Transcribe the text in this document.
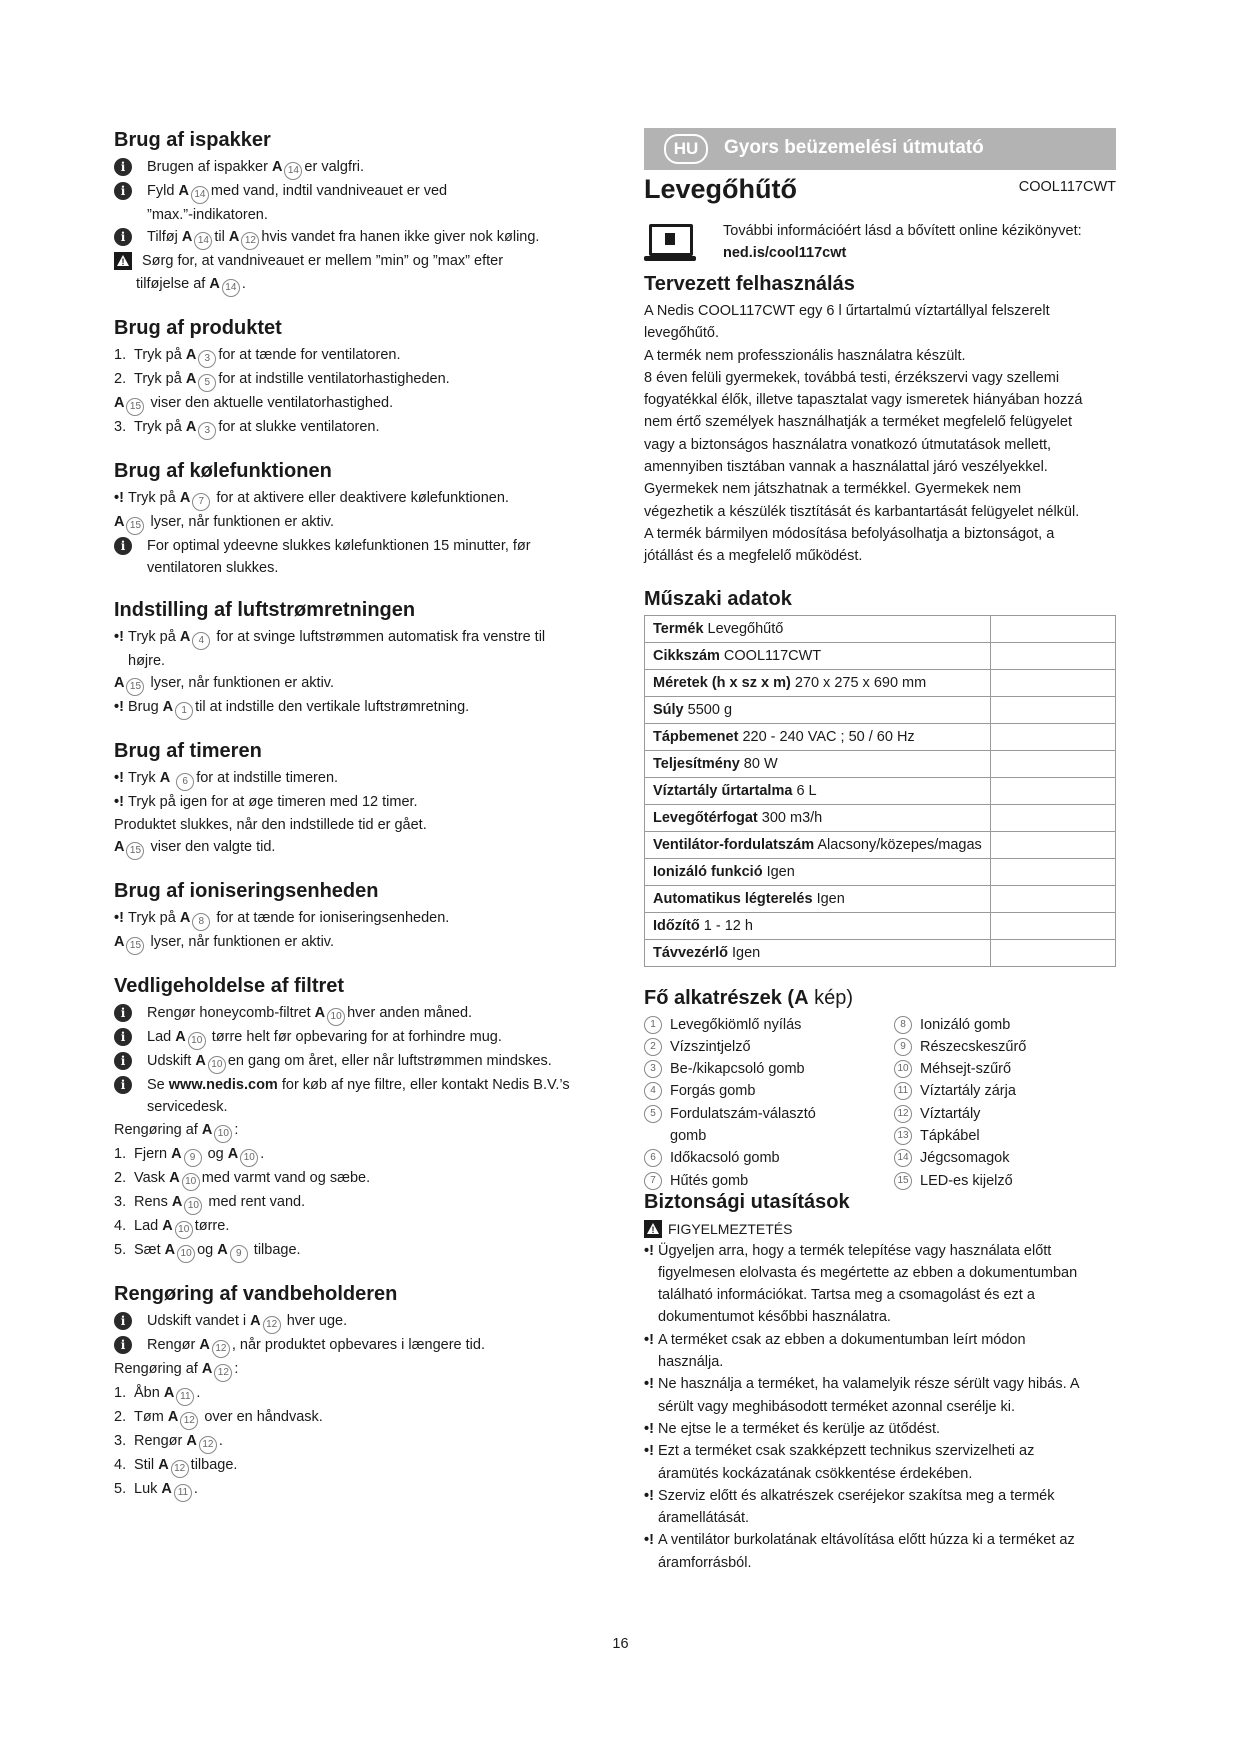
Brug af ispakker
i	Brugen af ispakker A 14 er valgfri.
i	Fyld A 14 med vand, indtil vandniveauet er ved
”max.”-indikatoren.
i	Tilføj A 14 til A 12 hvis vandet fra hanen ikke giver nok køling.
!
Sørg for, at vandniveauet er mellem ”min” og ”max” efter
tilføjelse af A 14 .
Brug af produktet
1. Tryk på A 3 for at tænde for ventilatoren.
2. Tryk på A 5 for at indstille ventilatorhastigheden.
A 15 viser den aktuelle ventilatorhastighed.
3. Tryk på A 3 for at slukke ventilatoren.
Brug af kølefunktionen
•! Tryk på A 7 for at aktivere eller deaktivere kølefunktionen.
A 15 lyser, når funktionen er aktiv.
i	For optimal ydeevne slukkes kølefunktionen 15 minutter, før
ventilatoren slukkes.
Indstilling af luftstrømretningen
•! Tryk på A 4 for at svinge luftstrømmen automatisk fra venstre til
højre.
A 15 lyser, når funktionen er aktiv.
•! Brug A 1 til at indstille den vertikale luftstrømretning.
Brug af timeren
•! Tryk A 6 for at indstille timeren.
•! Tryk på igen for at øge timeren med 12 timer.
Produktet slukkes, når den indstillede tid er gået.
A 15 viser den valgte tid.
Brug af ioniseringsenheden
•! Tryk på A 8 for at tænde for ioniseringsenheden.
A 15 lyser, når funktionen er aktiv.
Vedligeholdelse af filtret
i	Rengør honeycomb-filtret A 10 hver anden måned.
i	Lad A 10 tørre helt før opbevaring for at forhindre mug.
i	Udskift A 10 en gang om året, eller når luftstrømmen mindskes.
i	Se www.nedis.com for køb af nye filtre, eller kontakt Nedis B.V.’s
servicedesk.
Rengøring af A 10 :
1. Fjern A 9 og A 10 .
2. Vask A 10 med varmt vand og sæbe.
3. Rens A 10 med rent vand.
4. Lad A 10 tørre.
5. Sæt A 10 og A 9 tilbage.
Rengøring af vandbeholderen
i	Udskift vandet i A 12 hver uge.
i	Rengør A 12 , når produktet opbevares i længere tid.
Rengøring af A 12 :
1. Åbn A 11 .
2. Tøm A 12 over en håndvask.
3. Rengør A 12 .
4. Stil A 12 tilbage.
5. Luk A 11 .
HU	Gyors beüzemelési útmutató
Levegőhűtő	COOL117CWT
További információért lásd a bővített online kézikönyvet:
ned.is/cool117cwt
Tervezett felhasználás
A Nedis COOL117CWT egy 6 l űrtartalmú víztartállyal felszerelt
levegőhűtő.
A termék nem professzionális használatra készült.
8 éven felüli gyermekek, továbbá testi, érzékszervi vagy szellemi
fogyatékkal élők, illetve tapasztalat vagy ismeretek hiányában hozzá
nem értő személyek használhatják a terméket megfelelő felügyelet
vagy a biztonságos használatra vonatkozó útmutatások mellett,
amennyiben tisztában vannak a használattal járó veszélyekkel.
Gyermekek nem játszhatnak a termékkel. Gyermekek nem
végezhetik a készülék tisztítását és karbantartását felügyelet nélkül.
A termék bármilyen módosítása befolyásolhatja a biztonságot, a
jótállást és a megfelelő működést.
Műszaki adatok
Termék Levegőhűtő	
Cikkszám COOL117CWT	
Méretek (h x sz x m) 270 x 275 x 690 mm	
Súly 5500 g	
Tápbemenet 220 - 240 VAC ; 50 / 60 Hz	
Teljesítmény 80 W	
Víztartály űrtartalma 6 L	
Levegőtérfogat 300 m3/h	
Ventilátor-fordulatszám Alacsony/közepes/magas	
Ionizáló funkció Igen	
Automatikus légterelés Igen	
Időzítő 1 - 12 h	
Távvezérlő Igen	
Fő alkatrészek (A kép)
1 Levegőkiömlő nyílás
2 Vízszintjelző
3 Be-/kikapcsoló gomb
4 Forgás gomb
5 Fordulatszám-választó
gomb
6 Időkacsoló gomb
7 Hűtés gomb
8 Ionizáló gomb
9 Részecskeszűrő
10 Méhsejt-szűrő
11 Víztartály zárja
12 Víztartály
13 Tápkábel
14 Jégcsomagok
15 LED-es kijelző
Biztonsági utasítások
!
FIGYELMEZTETÉS
•! Ügyeljen arra, hogy a termék telepítése vagy használata előtt
figyelmesen elolvasta és megértette az ebben a dokumentumban
található információkat. Tartsa meg a csomagolást és ezt a
dokumentumot későbbi használatra.
•! A terméket csak az ebben a dokumentumban leírt módon
használja.
•! Ne használja a terméket, ha valamelyik része sérült vagy hibás. A
sérült vagy meghibásodott terméket azonnal cserélje ki.
•! Ne ejtse le a terméket és kerülje az ütődést.
•! Ezt a terméket csak szakképzett technikus szervizelheti az
áramütés kockázatának csökkentése érdekében.
•! Szerviz előtt és alkatrészek cseréjekor szakítsa meg a termék
áramellátását.
•! A ventilátor burkolatának eltávolítása előtt húzza ki a terméket az
áramforrásból.
16
